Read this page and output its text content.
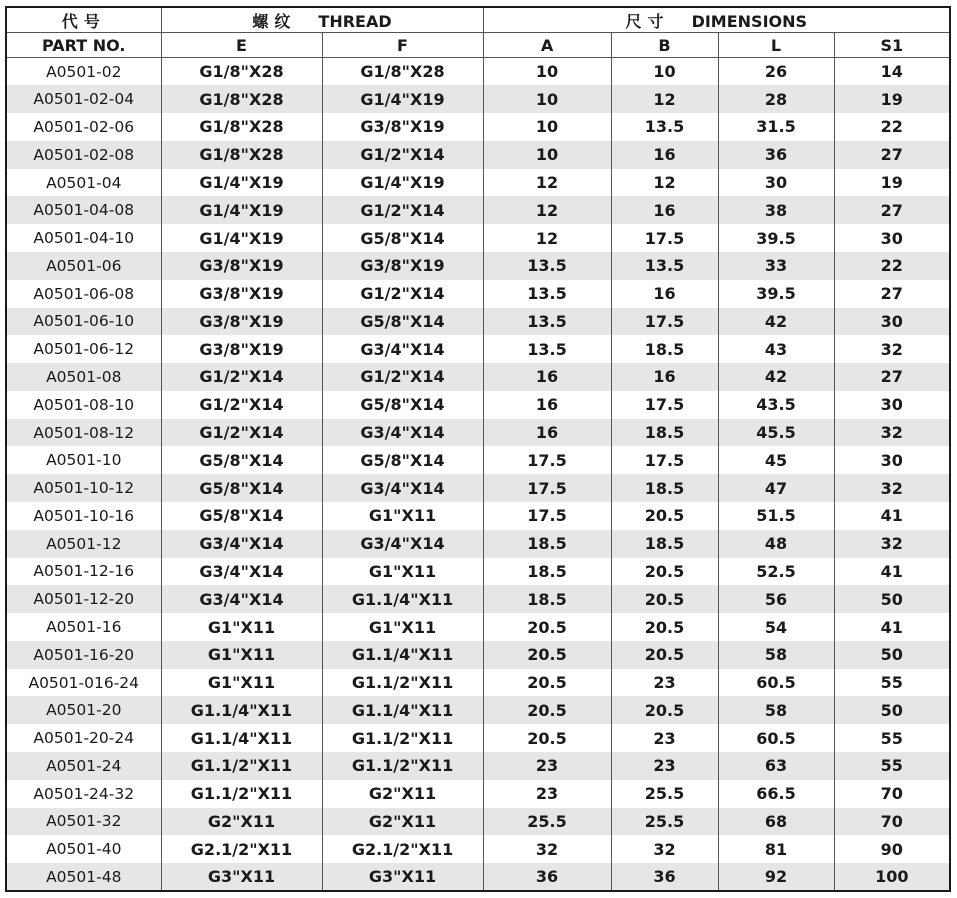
代号	螺纹 THREAD		尺寸 DIMENSIONS			
PART NO.	E	F	A	B	L	S1
A0501-02	G1/8"X28	G1/8"X28	10	10	26	14
A0501-02-04	G1/8"X28	G1/4"X19	10	12	28	19
A0501-02-06	G1/8"X28	G3/8"X19	10	13.5	31.5	22
A0501-02-08	G1/8"X28	G1/2"X14	10	16	36	27
A0501-04	G1/4"X19	G1/4"X19	12	12	30	19
A0501-04-08	G1/4"X19	G1/2"X14	12	16	38	27
A0501-04-10	G1/4"X19	G5/8"X14	12	17.5	39.5	30
A0501-06	G3/8"X19	G3/8"X19	13.5	13.5	33	22
A0501-06-08	G3/8"X19	G1/2"X14	13.5	16	39.5	27
A0501-06-10	G3/8"X19	G5/8"X14	13.5	17.5	42	30
A0501-06-12	G3/8"X19	G3/4"X14	13.5	18.5	43	32
A0501-08	G1/2"X14	G1/2"X14	16	16	42	27
A0501-08-10	G1/2"X14	G5/8"X14	16	17.5	43.5	30
A0501-08-12	G1/2"X14	G3/4"X14	16	18.5	45.5	32
A0501-10	G5/8"X14	G5/8"X14	17.5	17.5	45	30
A0501-10-12	G5/8"X14	G3/4"X14	17.5	18.5	47	32
A0501-10-16	G5/8"X14	G1"X11	17.5	20.5	51.5	41
A0501-12	G3/4"X14	G3/4"X14	18.5	18.5	48	32
A0501-12-16	G3/4"X14	G1"X11	18.5	20.5	52.5	41
A0501-12-20	G3/4"X14	G1.1/4"X11	18.5	20.5	56	50
A0501-16	G1"X11	G1"X11	20.5	20.5	54	41
A0501-16-20	G1"X11	G1.1/4"X11	20.5	20.5	58	50
A0501-016-24	G1"X11	G1.1/2"X11	20.5	23	60.5	55
A0501-20	G1.1/4"X11	G1.1/4"X11	20.5	20.5	58	50
A0501-20-24	G1.1/4"X11	G1.1/2"X11	20.5	23	60.5	55
A0501-24	G1.1/2"X11	G1.1/2"X11	23	23	63	55
A0501-24-32	G1.1/2"X11	G2"X11	23	25.5	66.5	70
A0501-32	G2"X11	G2"X11	25.5	25.5	68	70
A0501-40	G2.1/2"X11	G2.1/2"X11	32	32	81	90
A0501-48	G3"X11	G3"X11	36	36	92	100
